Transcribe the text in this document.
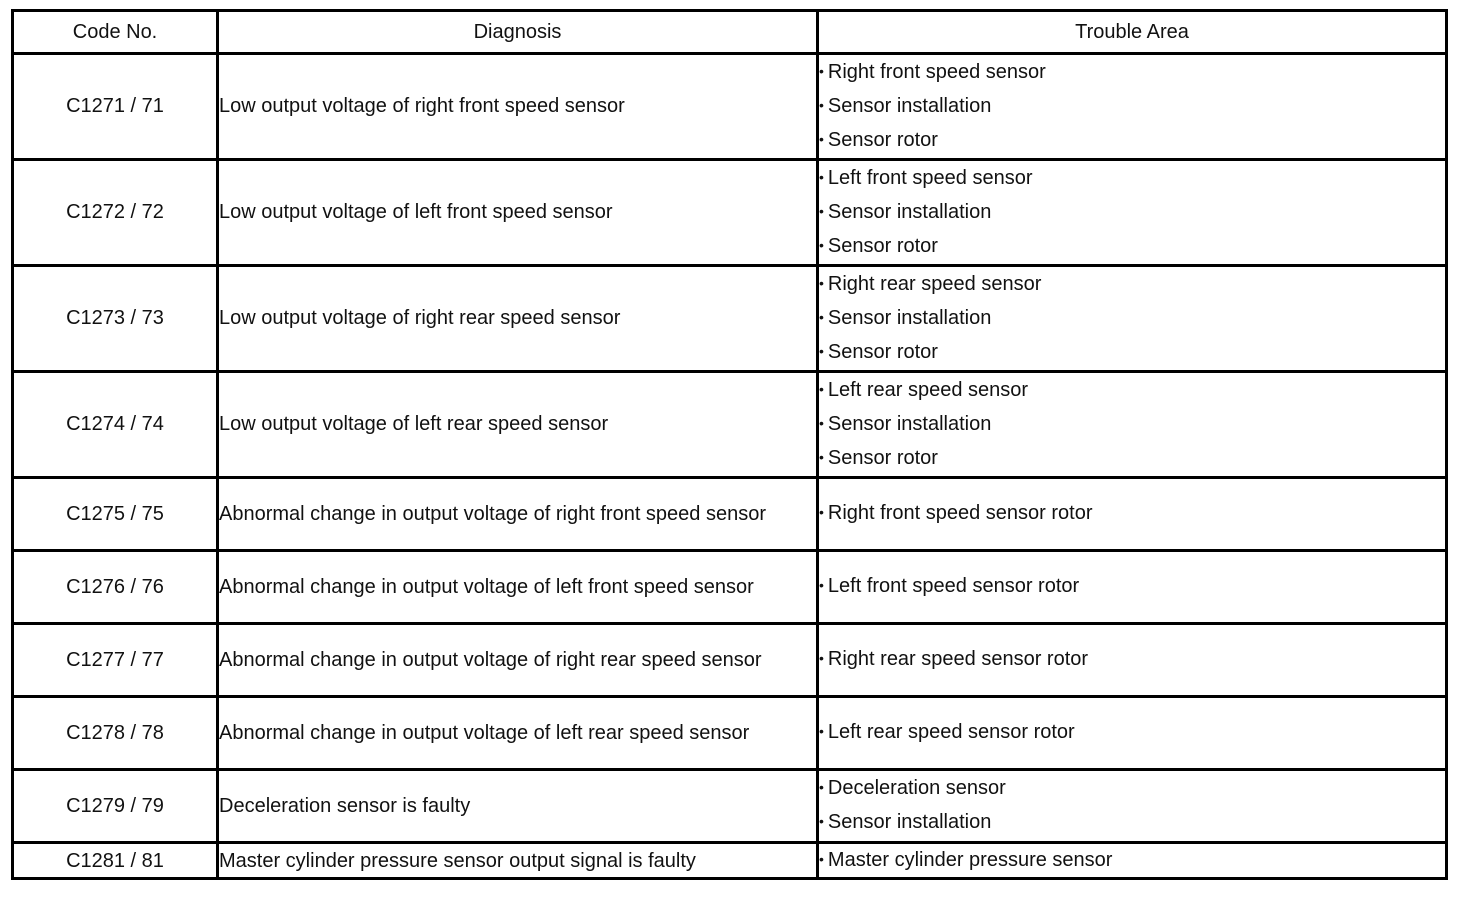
Code No.	Diagnosis	Trouble Area
C1271 / 71	Low output voltage of right front speed sensor	• Right front speed sensor
• Sensor installation
• Sensor rotor

C1272 / 72	Low output voltage of left front speed sensor	• Left front speed sensor
• Sensor installation
• Sensor rotor

C1273 / 73	Low output voltage of right rear speed sensor	• Right rear speed sensor
• Sensor installation
• Sensor rotor

C1274 / 74	Low output voltage of left rear speed sensor	• Left rear speed sensor
• Sensor installation
• Sensor rotor

C1275 / 75	Abnormal change in output voltage of right front speed sensor	• Right front speed sensor rotor

C1276 / 76	Abnormal change in output voltage of left front speed sensor	• Left front speed sensor rotor

C1277 / 77	Abnormal change in output voltage of right rear speed sensor	• Right rear speed sensor rotor

C1278 / 78	Abnormal change in output voltage of left rear speed sensor	• Left rear speed sensor rotor

C1279 / 79	Deceleration sensor is faulty	• Deceleration sensor
• Sensor installation

C1281 / 81	Master cylinder pressure sensor output signal is faulty	• Master cylinder pressure sensor
